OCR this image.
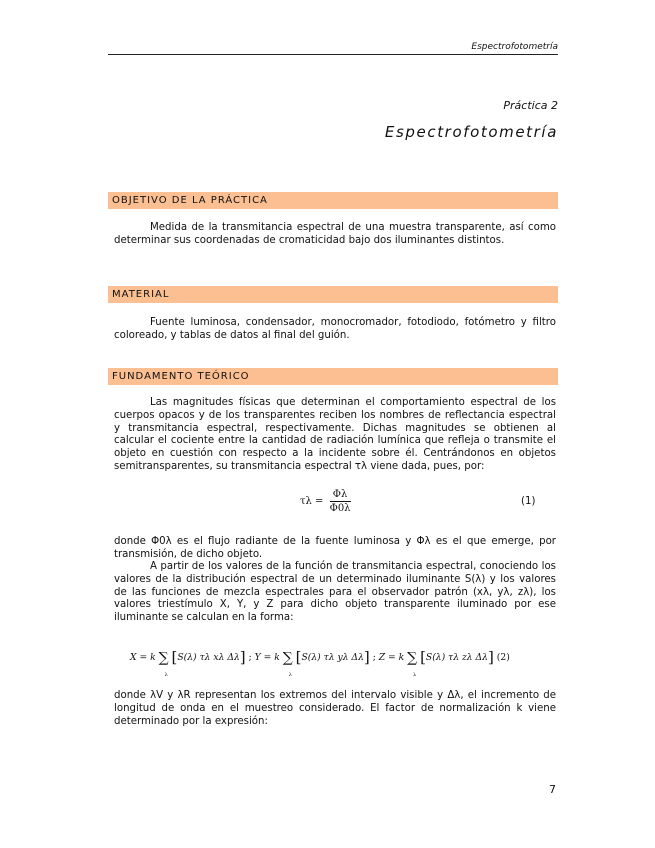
Espectrofotometría
Práctica 2
Espectrofotometría
OBJETIVO DE LA PRÁCTICA

Medida de la transmitancia espectral de una muestra transparente, así como determinar sus coordenadas de cromaticidad bajo dos iluminantes distintos.

MATERIAL

Fuente luminosa, condensador, monocromador, fotodiodo, fotómetro y filtro coloreado, y tablas de datos al final del guión.

FUNDAMENTO TEÓRICO

Las magnitudes físicas que determinan el comportamiento espectral de los cuerpos opacos y de los transparentes reciben los nombres de reflectancia espectral y transmitancia espectral, respectivamente. Dichas magnitudes se obtienen al calcular el cociente entre la cantidad de radiación lumínica que refleja o transmite el objeto en cuestión con respecto a la incidente sobre él. Centrándonos en objetos semitransparentes, su transmitancia espectral τλ viene dada, pues, por:

$\tau\lambda = \frac{\Phi\lambda}{\Phi 0\lambda}$	(1)

donde Φ0λ es el flujo radiante de la fuente luminosa y Φλ es el que emerge, por transmisión, de dicho objeto.

A partir de los valores de la función de transmitancia espectral, conociendo los valores de la distribución espectral de un determinado iluminante S(λ) y los valores de las funciones de mezcla espectrales para el observador patrón (xλ, yλ, zλ), los valores triestímulo X, Y, y Z para dicho objeto transparente iluminado por ese iluminante se calculan en la forma:

X = k ∑
λ
[S(λ) τλ xλ Δλ] ; Y = k ∑
λ
[S(λ) τλ yλ Δλ] ; Z = k ∑
λ
[S(λ) τλ zλ Δλ] (2)

donde λV y λR representan los extremos del intervalo visible y Δλ, el incremento de longitud de onda en el muestreo considerado. El factor de normalización k viene determinado por la expresión:

7
